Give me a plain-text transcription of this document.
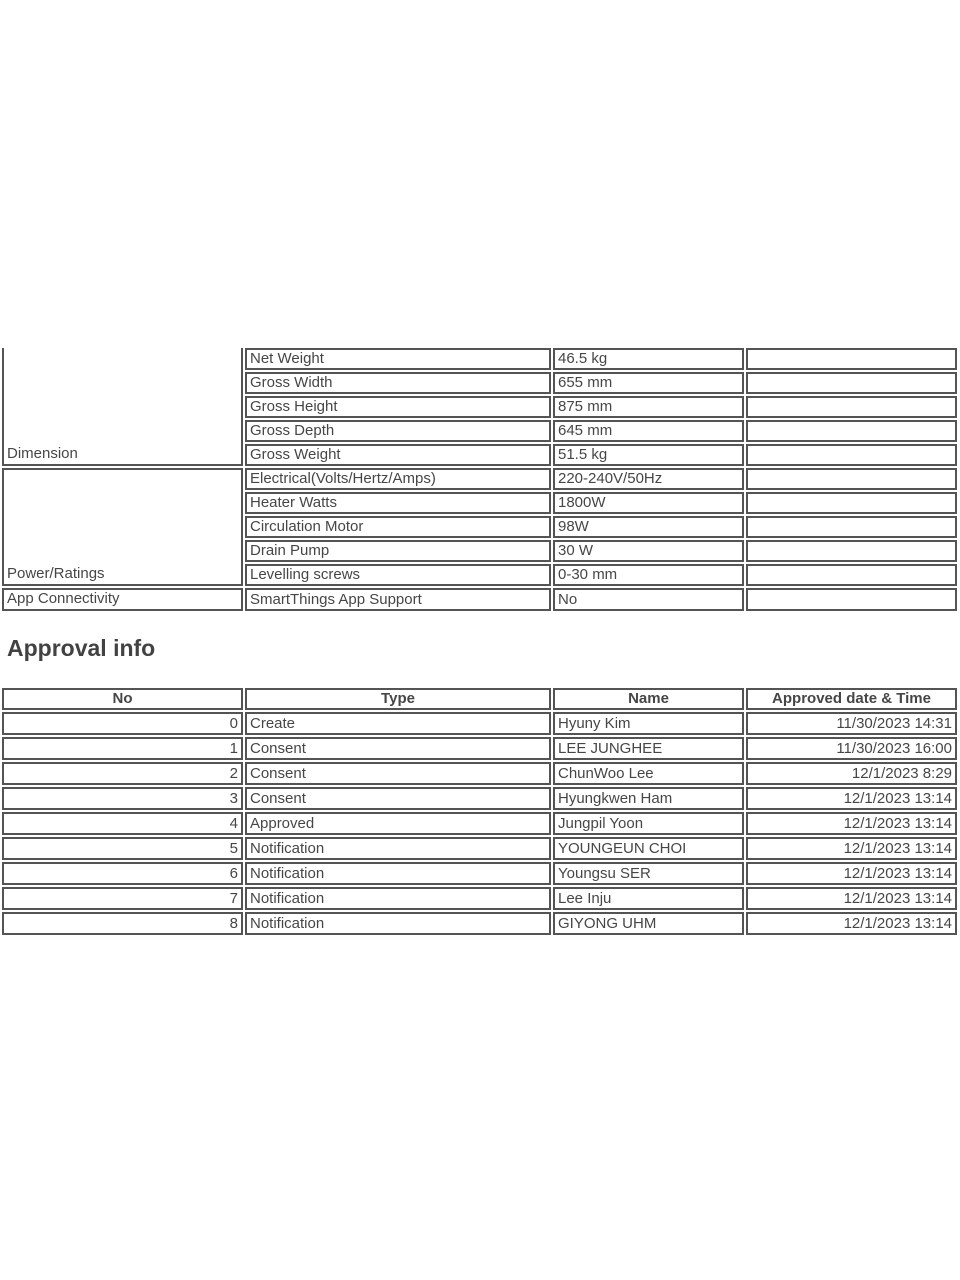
Dimension	Net Weight	46.5 kg	
	Gross Width	655 mm	
	Gross Height	875 mm	
	Gross Depth	645 mm	
	Gross Weight	51.5 kg	
Power/Ratings	Electrical(Volts/Hertz/Amps)	220-240V/50Hz	
	Heater Watts	1800W	
	Circulation Motor	98W	
	Drain Pump	30 W	
	Levelling screws	0-30 mm	
App Connectivity	SmartThings App Support	No	
Approval info
No	Type	Name	Approved date & Time
0	Create	Hyuny Kim	11/30/2023 14:31
1	Consent	LEE JUNGHEE	11/30/2023 16:00
2	Consent	ChunWoo Lee	12/1/2023 8:29
3	Consent	Hyungkwen Ham	12/1/2023 13:14
4	Approved	Jungpil Yoon	12/1/2023 13:14
5	Notification	YOUNGEUN CHOI	12/1/2023 13:14
6	Notification	Youngsu SER	12/1/2023 13:14
7	Notification	Lee Inju	12/1/2023 13:14
8	Notification	GIYONG UHM	12/1/2023 13:14
